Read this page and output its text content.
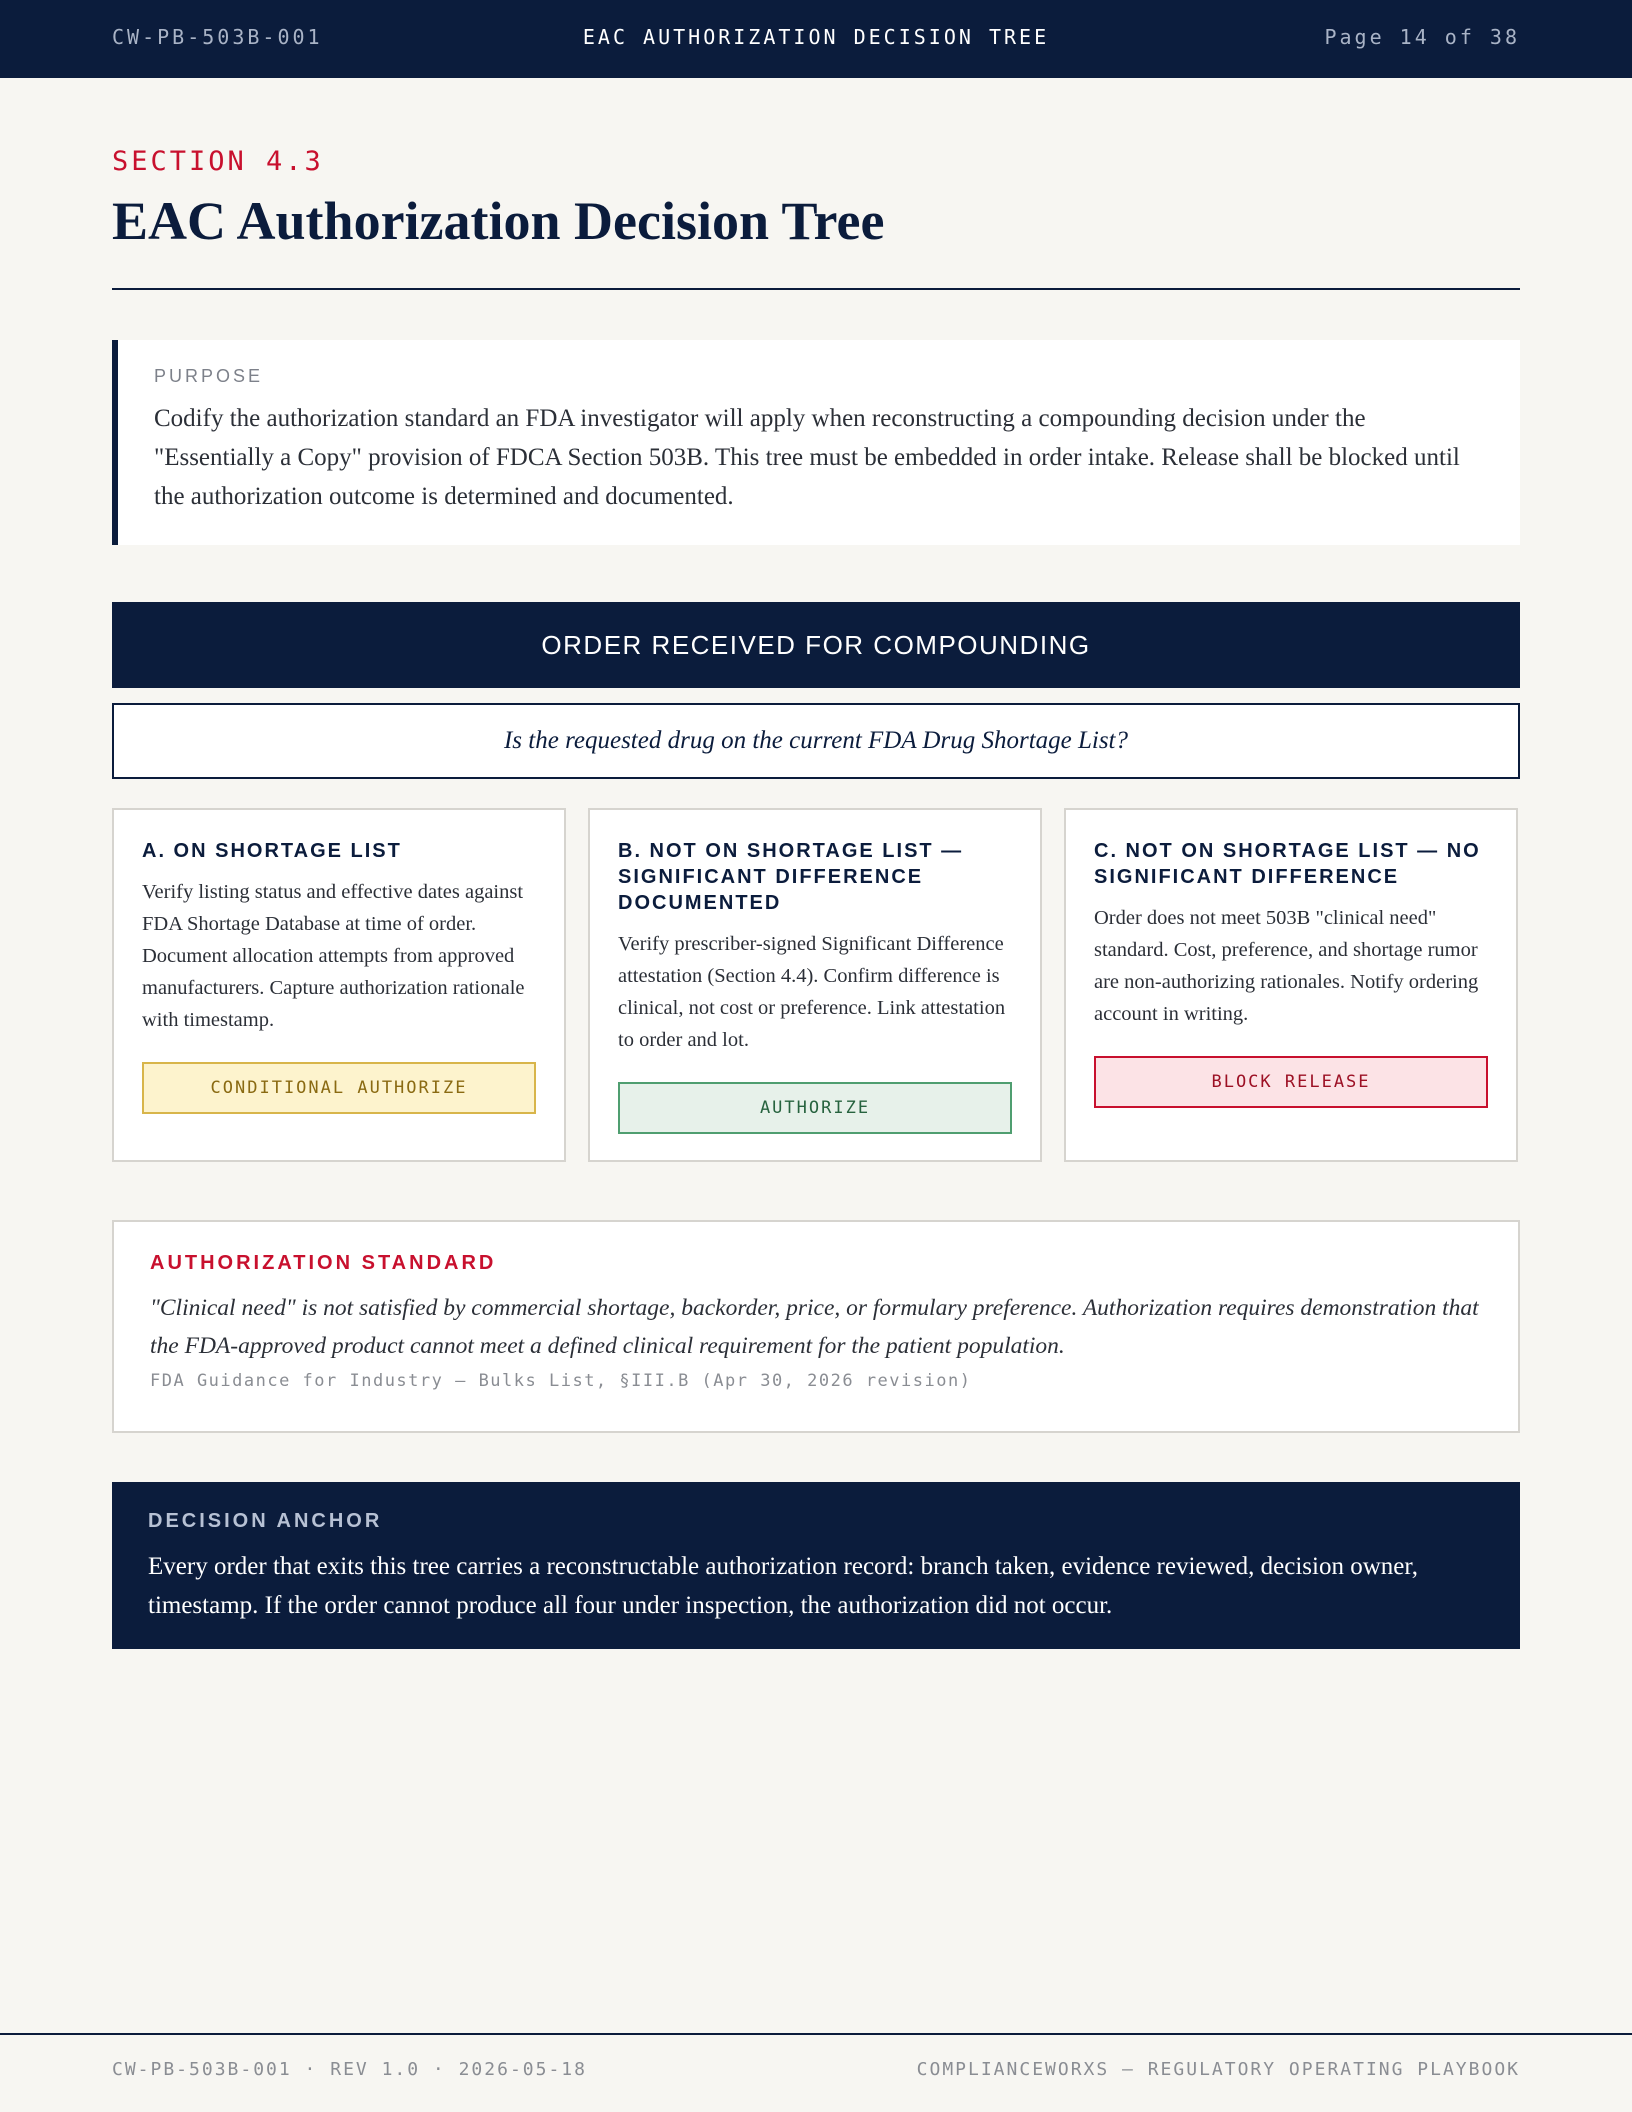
CW-PB-503B-001	EAC AUTHORIZATION DECISION TREE	Page 14 of 38
SECTION 4.3
EAC Authorization Decision Tree
PURPOSE
Codify the authorization standard an FDA investigator will apply when reconstructing a compounding decision under the "Essentially a Copy" provision of FDCA Section 503B. This tree must be embedded in order intake. Release shall be blocked until the authorization outcome is determined and documented.
ORDER RECEIVED FOR COMPOUNDING
Is the requested drug on the current FDA Drug Shortage List?
A. ON SHORTAGE LIST
Verify listing status and effective dates against FDA Shortage Database at time of order. Document allocation attempts from approved manufacturers. Capture authorization rationale with timestamp.
CONDITIONAL AUTHORIZE
B. NOT ON SHORTAGE LIST — SIGNIFICANT DIFFERENCE DOCUMENTED
Verify prescriber-signed Significant Difference attestation (Section 4.4). Confirm difference is clinical, not cost or preference. Link attestation to order and lot.
AUTHORIZE
C. NOT ON SHORTAGE LIST — NO SIGNIFICANT DIFFERENCE
Order does not meet 503B "clinical need" standard. Cost, preference, and shortage rumor are non-authorizing rationales. Notify ordering account in writing.
BLOCK RELEASE
AUTHORIZATION STANDARD
"Clinical need" is not satisfied by commercial shortage, backorder, price, or formulary preference. Authorization requires demonstration that the FDA-approved product cannot meet a defined clinical requirement for the patient population.
FDA Guidance for Industry — Bulks List, §III.B (Apr 30, 2026 revision)
DECISION ANCHOR
Every order that exits this tree carries a reconstructable authorization record: branch taken, evidence reviewed, decision owner, timestamp. If the order cannot produce all four under inspection, the authorization did not occur.
CW-PB-503B-001 · REV 1.0 · 2026-05-18	COMPLIANCEWORXS — REGULATORY OPERATING PLAYBOOK
